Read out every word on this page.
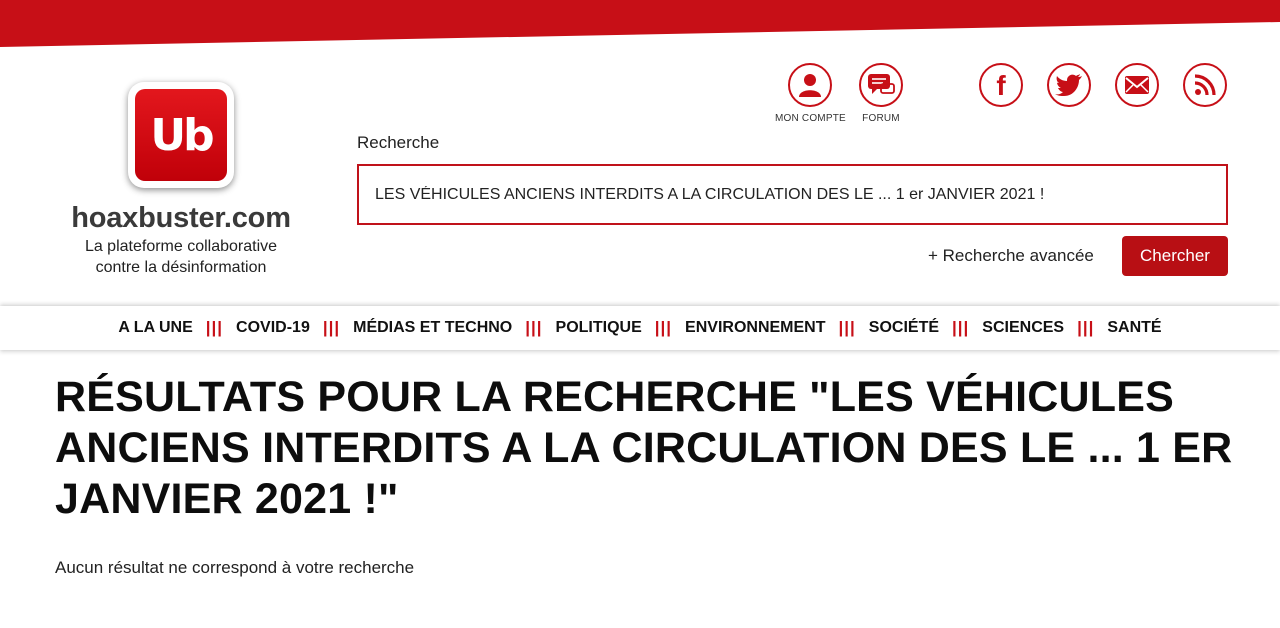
Ub
hoaxbuster.com
La plateforme collaborative
contre la désinformation
MON COMPTE	FORUM
f
Recherche
LES VÉHICULES ANCIENS INTERDITS A LA CIRCULATION DES LE ... 1 er JANVIER 2021 !
+ Recherche avancée	Chercher
A LA UNE ||| COVID-19 ||| MÉDIAS ET TECHNO ||| POLITIQUE ||| ENVIRONNEMENT ||| SOCIÉTÉ ||| SCIENCES ||| SANTÉ
RÉSULTATS POUR LA RECHERCHE "LES VÉHICULES ANCIENS INTERDITS A LA CIRCULATION DES LE ... 1 ER JANVIER 2021 !"

Aucun résultat ne correspond à votre recherche
